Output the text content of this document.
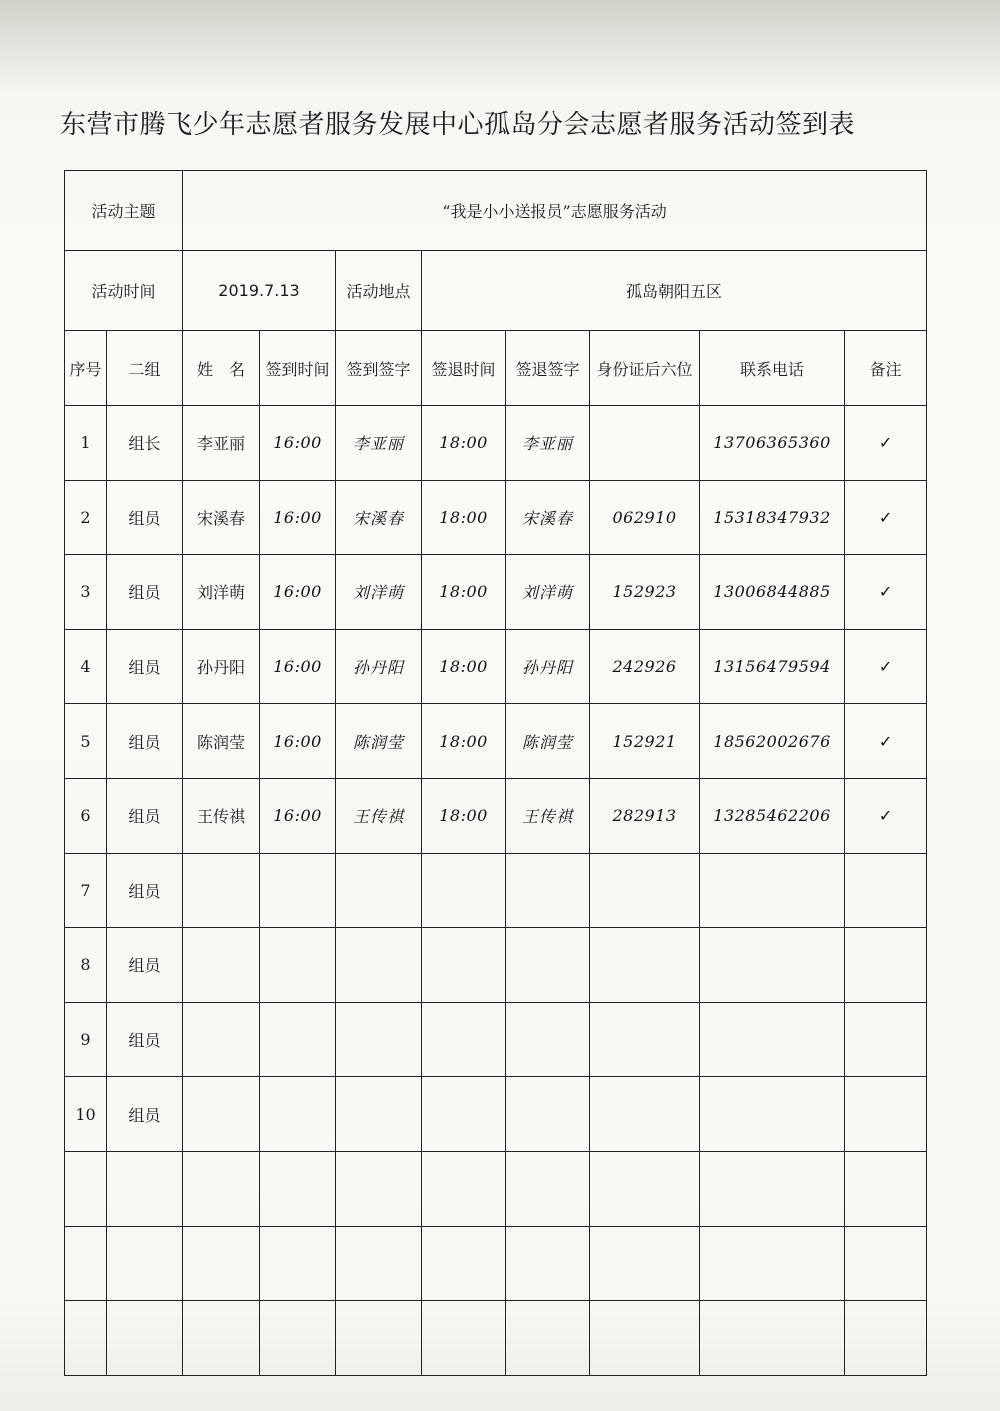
东营市腾飞少年志愿者服务发展中心孤岛分会志愿者服务活动签到表
活动主题		“我是小小送报员”志愿服务活动							
活动时间		2019.7.13		活动地点	孤岛朝阳五区				
序号	二组	姓　名	签到时间	签到签字	签退时间	签退签字	身份证后六位	联系电话	备注
1	组长	李亚丽	16:00	李亚丽	18:00	李亚丽		13706365360	✓
2	组员	宋溪春	16:00	宋溪春	18:00	宋溪春	062910	15318347932	✓
3	组员	刘洋萌	16:00	刘洋萌	18:00	刘洋萌	152923	13006844885	✓
4	组员	孙丹阳	16:00	孙丹阳	18:00	孙丹阳	242926	13156479594	✓
5	组员	陈润莹	16:00	陈润莹	18:00	陈润莹	152921	18562002676	✓
6	组员	王传祺	16:00	王传祺	18:00	王传祺	282913	13285462206	✓
7	组员								
8	组员								
9	组员								
10	组员								
